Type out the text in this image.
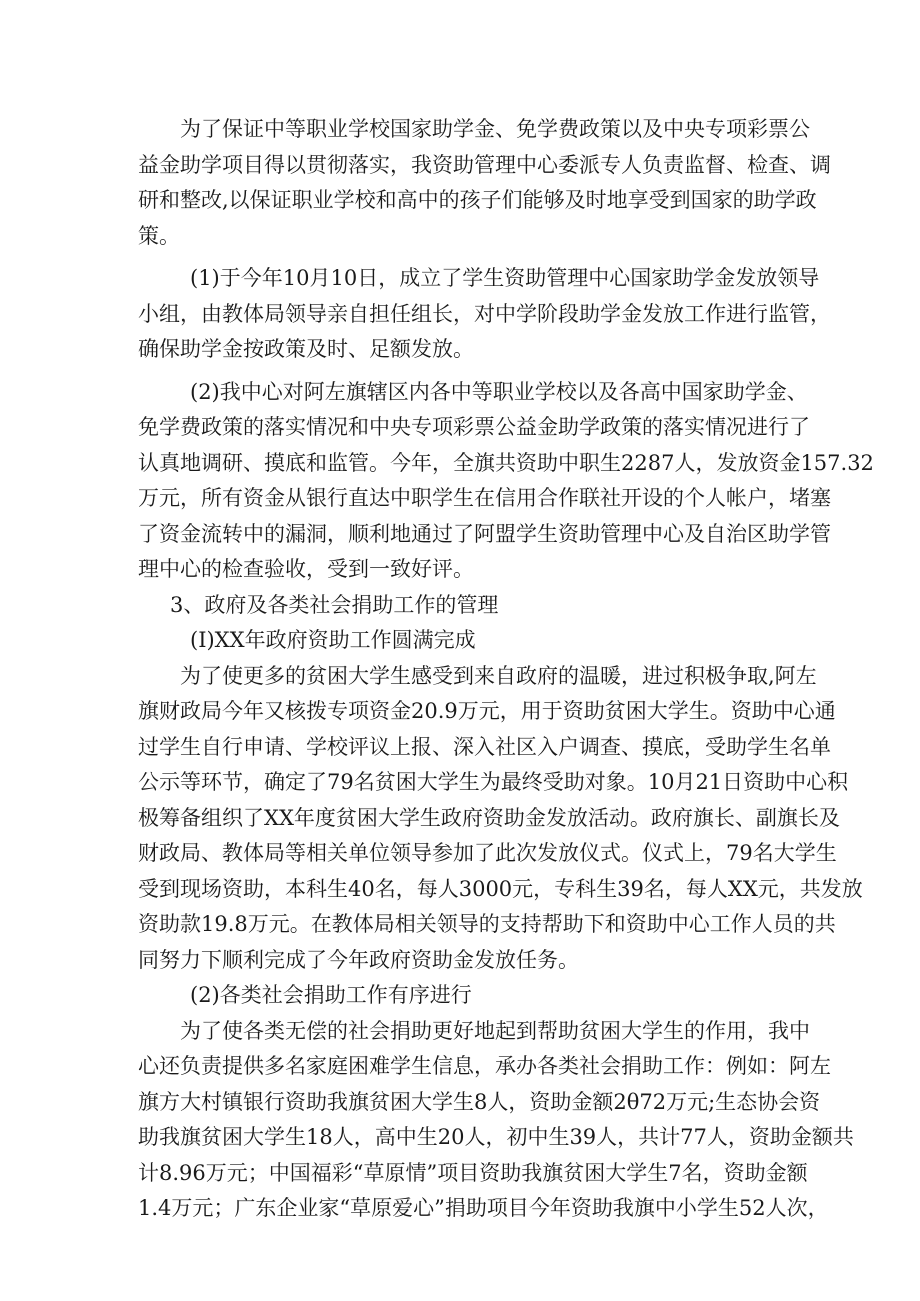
为了保证中等职业学校国家助学金、免学费政策以及中央专项彩票公
益金助学项目得以贯彻落实，我资助管理中心委派专人负责监督、检查、调
研和整改,以保证职业学校和高中的孩子们能够及时地享受到国家的助学政
策。
(1)于今年10月10日，成立了学生资助管理中心国家助学金发放领导
小组，由教体局领导亲自担任组长，对中学阶段助学金发放工作进行监管，
确保助学金按政策及时、足额发放。
(2)我中心对阿左旗辖区内各中等职业学校以及各高中国家助学金、
免学费政策的落实情况和中央专项彩票公益金助学政策的落实情况进行了
认真地调研、摸底和监管。今年，全旗共资助中职生2287人，发放资金157.32
万元，所有资金从银行直达中职学生在信用合作联社开设的个人帐户，堵塞
了资金流转中的漏洞，顺利地通过了阿盟学生资助管理中心及自治区助学管
理中心的检查验收，受到一致好评。
3、政府及各类社会捐助工作的管理
(I)XX年政府资助工作圆满完成
为了使更多的贫困大学生感受到来自政府的温暖，进过积极争取,阿左
旗财政局今年又核拨专项资金20.9万元，用于资助贫困大学生。资助中心通
过学生自行申请、学校评议上报、深入社区入户调查、摸底，受助学生名单
公示等环节，确定了79名贫困大学生为最终受助对象。10月21日资助中心积
极筹备组织了XX年度贫困大学生政府资助金发放活动。政府旗长、副旗长及
财政局、教体局等相关单位领导参加了此次发放仪式。仪式上，79名大学生
受到现场资助，本科生40名，每人3000元，专科生39名，每人XX元，共发放
资助款19.8万元。在教体局相关领导的支持帮助下和资助中心工作人员的共
同努力下顺利完成了今年政府资助金发放任务。
(2)各类社会捐助工作有序进行
为了使各类无偿的社会捐助更好地起到帮助贫困大学生的作用，我中
心还负责提供多名家庭困难学生信息，承办各类社会捐助工作：例如：阿左
旗方大村镇银行资助我旗贫困大学生8人，资助金额2θ72万元;生态协会资
助我旗贫困大学生18人，高中生20人，初中生39人，共计77人，资助金额共
计8.96万元；中国福彩“草原情”项目资助我旗贫困大学生7名，资助金额
1.4万元；广东企业家“草原爱心”捐助项目今年资助我旗中小学生52人次，
